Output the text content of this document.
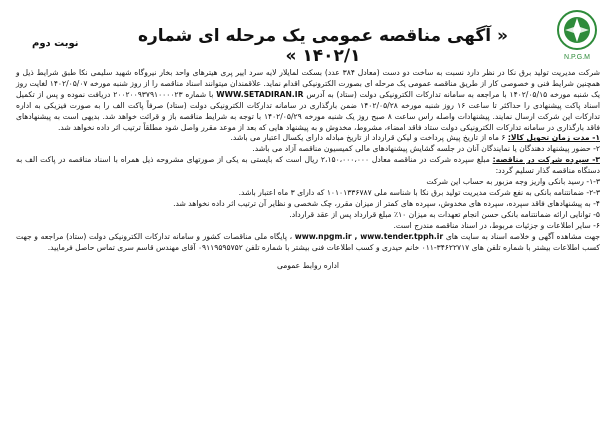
نوبت دوم	« آگهی مناقصه عمومی یک مرحله ای شماره ۱۴۰۲/۱ »	N.P.G.M

شرکت مدیریت تولید برق نکا در نظر دارد نسبت به ساخت دو دست (معادل ۳۸۴ عدد) بسکت لمایلار لایه سرد اییر پری هیترهای واحد بخار نیروگاه شهید سلیمی نکا طبق شرایط ذیل و همچنین شرایط فنی و خصوصی کار از طریق مناقصه عمومی یک مرحله ای بصورت الکترونیکی اقدام نماید. علاقمندان میتوانند اسناد مناقصه را از روز شنبه مورخه ۱۴۰۲/۰۵/۰۷ لغایت روز یک شنبه مورخه ۱۴۰۲/۰۵/۱۵ با مراجعه به سامانه تدارکات الکترونیکی دولت (ستاد) به آدرس WWW.SETADIRAN.IR با شماره ۲۰۰۲۰۰۹۳۷۹۱۰۰۰۰۲۳ دریافت نموده و پس از تکمیل اسناد پاکت پیشنهادی را حداکثر تا ساعت ۱۶ روز شنبه مورخه ۱۴۰۲/۰۵/۲۸ ضمن بارگذاری در سامانه تدارکات الکترونیکی دولت (ستاد) صرفاً پاکت الف را به صورت فیزیکی به اداره تدارکات این شرکت ارسال نمایند. پیشنهادات واصله راس ساعت ۸ صبح روز یک شنبه مورخه ۱۴۰۲/۰۵/۲۹ با توجه به شرایط مناقصه باز و قرائت خواهد شد. بدیهی است به پیشنهادهای فاقد بارگذاری در سامانه تدارکات الکترونیکی دولت ستاد فاقد امضاء، مشروط، مخدوش و به پیشنهاد هایی که بعد از موعد مقرر واصل شود مطلقاً ترتیب اثر داده نخواهد شد.

۱- مدت زمان تحویل کالا: ۶ ماه از تاریخ پیش پرداخت و لیکن قرارداد از تاریخ مبادله دارای یکسال اعتبار می باشد.

۲- حضور پیشنهاد دهندگان یا نمایندگان آنان در جلسه گشایش پیشنهادهای مالی کمیسیون مناقصه آزاد می باشد.

۳- سپرده شرکت در مناقصه: مبلغ سپرده شرکت در مناقصه معادل ۲،۱۵۰،۰۰۰،۰۰۰ ریال است که بایستی به یکی از صورتهای مشروحه ذیل همراه با اسناد مناقصه در پاکت الف به دستگاه مناقصه گذار تسلیم گردد:

۱-۳- رسید بانکی واریز وجه مزبور به حساب این شرکت

۲-۳- ضمانتنامه بانکی به نفع شرکت مدیریت تولید برق نکا با شناسه ملی ۱۰۱۰۱۳۳۶۷۸۷ که دارای ۳ ماه اعتبار باشد.

۴- به پیشنهادهای فاقد سپرده، سپرده های مخدوش، سپرده های کمتر از میزان مقرر، چک شخصی و نظایر آن ترتیب اثر داده نخواهد شد.

۵- توانایی ارائه ضمانتنامه بانکی حسن انجام تعهدات به میزان ۱۰٪ مبلغ قرارداد پس از عقد قرارداد.

۶- سایر اطلاعات و جزئیات مربوط، در اسناد مناقصه مندرج است.

جهت مشاهده آگهی و خلاصه اسناد به سایت های www.npgm.ir , www.tender.tpph.ir ، پایگاه ملی مناقصات کشور و سامانه تدارکات الکترونیکی دولت (ستاد) مراجعه و جهت کسب اطلاعات بیشتر با شماره تلفن های ۳۴۶۲۲۷۱۷-۰۱۱ خانم حیدری و کسب اطلاعات فنی بیشتر با شماره تلفن ۰۹۱۱۹۵۹۵۷۵۲ آقای مهندس قاسم سری تماس حاصل فرمایید.

اداره روابط عمومی
